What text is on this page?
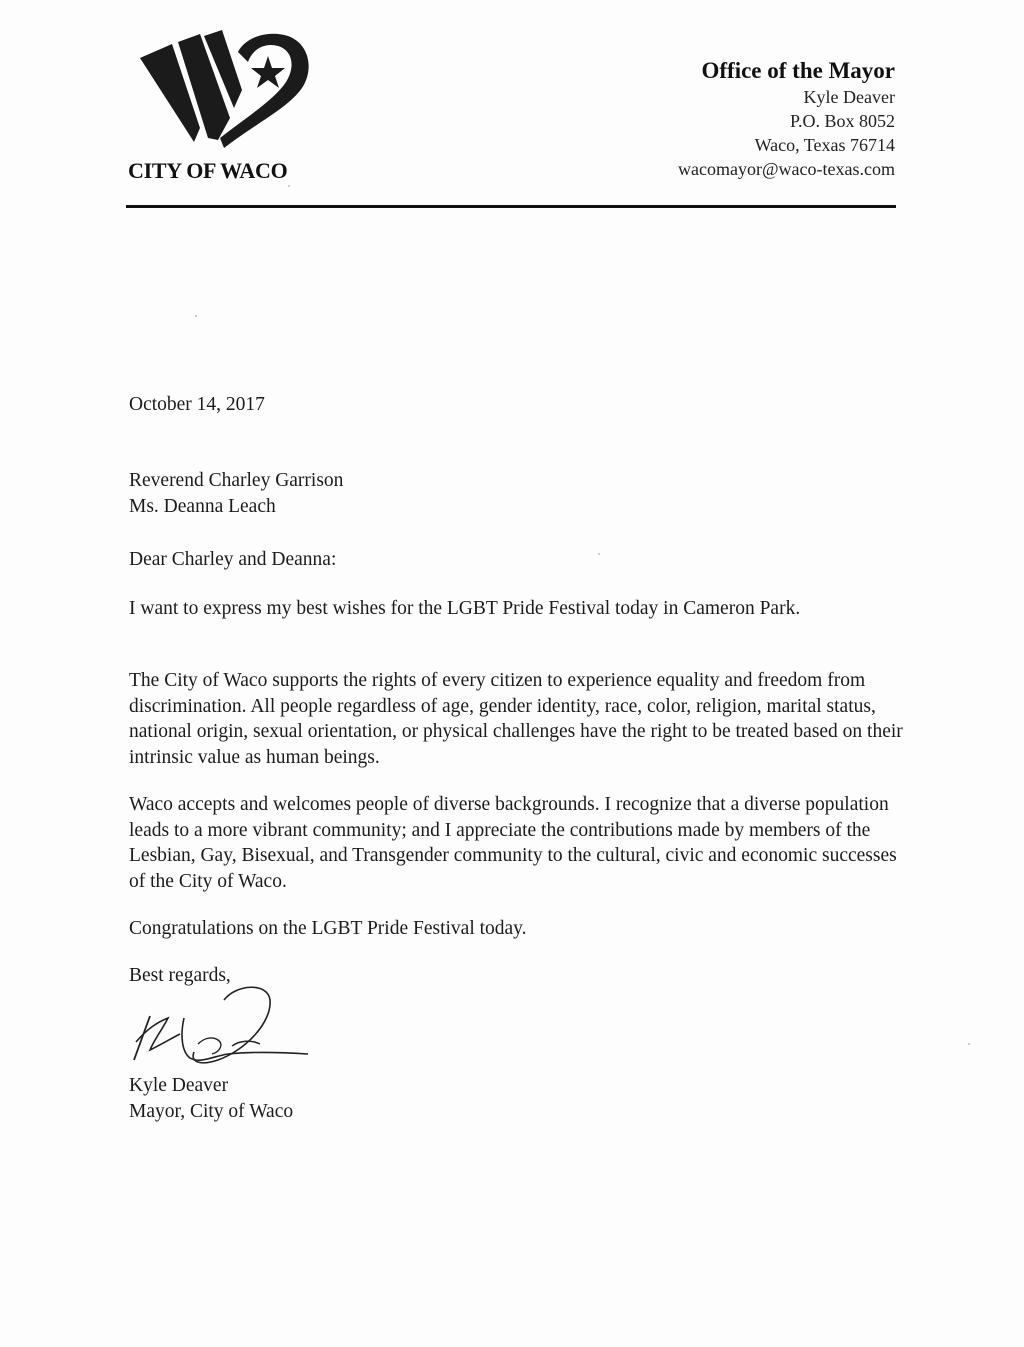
CITY OF WACO
Office of the Mayor
Kyle Deaver
P.O. Box 8052
Waco, Texas 76714
wacomayor@waco-texas.com
October 14, 2017
Reverend Charley Garrison
Ms. Deanna Leach
Dear Charley and Deanna:
I want to express my best wishes for the LGBT Pride Festival today in Cameron Park.
The City of Waco supports the rights of every citizen to experience equality and freedom from discrimination. All people regardless of age, gender identity, race, color, religion, marital status, national origin, sexual orientation, or physical challenges have the right to be treated based on their intrinsic value as human beings.
Waco accepts and welcomes people of diverse backgrounds. I recognize that a diverse population leads to a more vibrant community; and I appreciate the contributions made by members of the Lesbian, Gay, Bisexual, and Transgender community to the cultural, civic and economic successes of the City of Waco.
Congratulations on the LGBT Pride Festival today.
Best regards,
Kyle Deaver
Mayor, City of Waco
